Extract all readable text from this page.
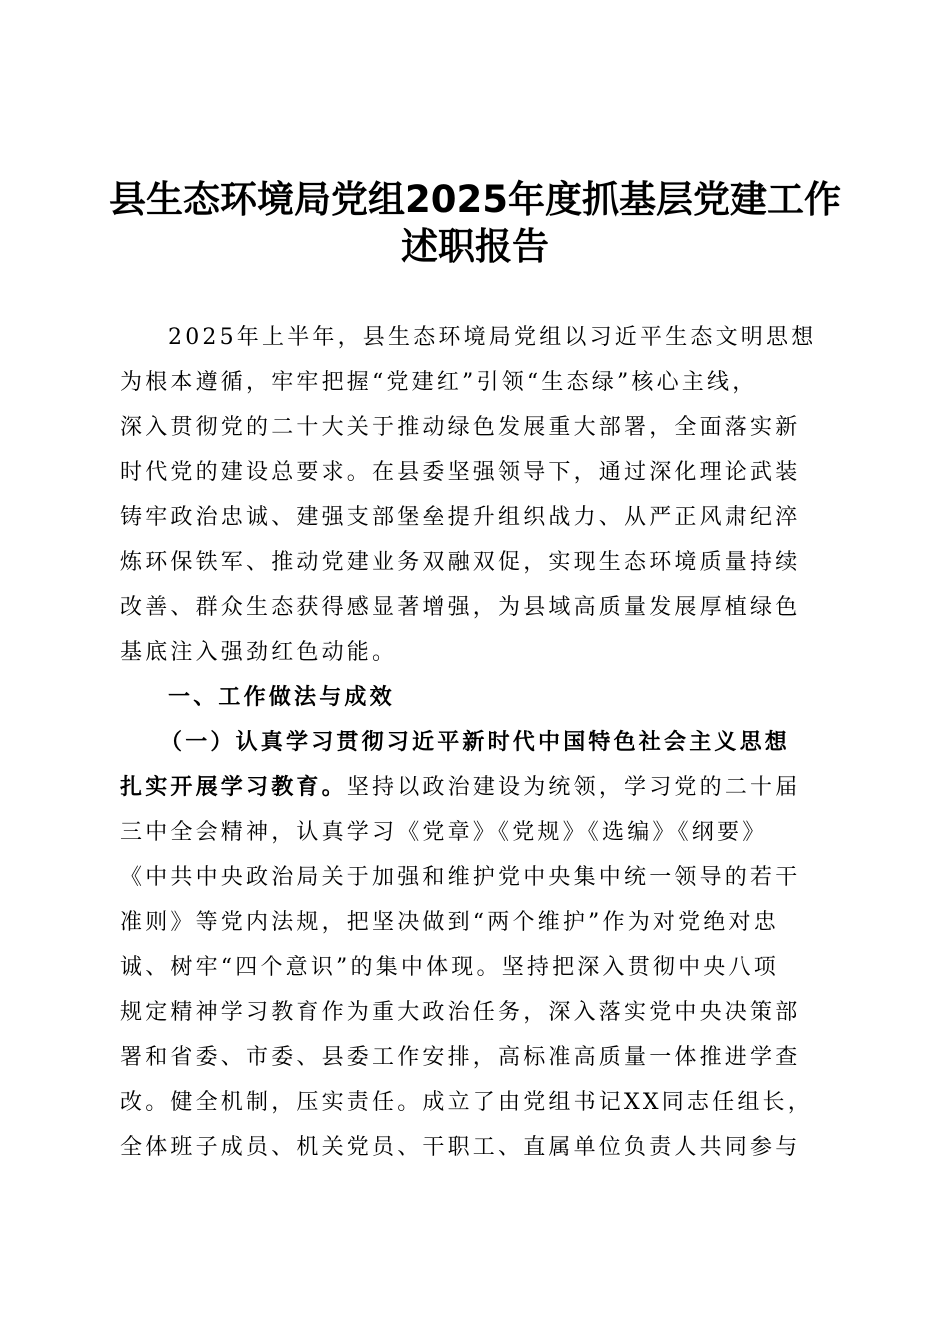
县生态环境局党组2025年度抓基层党建工作
述职报告
2025年上半年，县生态环境局党组以习近平生态文明思想
为根本遵循，牢牢把握“党建红”引领“生态绿”核心主线，
深入贯彻党的二十大关于推动绿色发展重大部署，全面落实新
时代党的建设总要求。在县委坚强领导下，通过深化理论武装
铸牢政治忠诚、建强支部堡垒提升组织战力、从严正风肃纪淬
炼环保铁军、推动党建业务双融双促，实现生态环境质量持续
改善、群众生态获得感显著增强，为县域高质量发展厚植绿色
基底注入强劲红色动能。
一、工作做法与成效
（一）认真学习贯彻习近平新时代中国特色社会主义思想
扎实开展学习教育。坚持以政治建设为统领，学习党的二十届
三中全会精神，认真学习《党章》《党规》《选编》《纲要》
《中共中央政治局关于加强和维护党中央集中统一领导的若干
准则》等党内法规，把坚决做到“两个维护”作为对党绝对忠
诚、树牢“四个意识”的集中体现。坚持把深入贯彻中央八项
规定精神学习教育作为重大政治任务，深入落实党中央决策部
署和省委、市委、县委工作安排，高标准高质量一体推进学查
改。健全机制，压实责任。成立了由党组书记XX同志任组长，
全体班子成员、机关党员、干职工、直属单位负责人共同参与
